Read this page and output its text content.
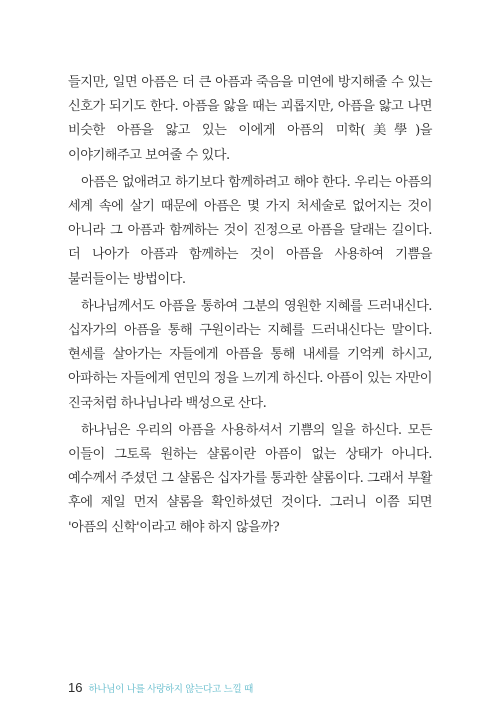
들지만, 일면 아픔은 더 큰 아픔과 죽음을 미연에 방지해줄 수 있는 신호가 되기도 한다. 아픔을 앓을 때는 괴롭지만, 아픔을 앓고 나면 비슷한 아픔을 앓고 있는 이에게 아픔의 미학(美學)을 이야기해주고 보여줄 수 있다.

아픔은 없애려고 하기보다 함께하려고 해야 한다. 우리는 아픔의 세계 속에 살기 때문에 아픔은 몇 가지 처세술로 없어지는 것이 아니라 그 아픔과 함께하는 것이 진정으로 아픔을 달래는 길이다. 더 나아가 아픔과 함께하는 것이 아픔을 사용하여 기쁨을 불러들이는 방법이다.

하나님께서도 아픔을 통하여 그분의 영원한 지혜를 드러내신다. 십자가의 아픔을 통해 구원이라는 지혜를 드러내신다는 말이다. 현세를 살아가는 자들에게 아픔을 통해 내세를 기억케 하시고, 아파하는 자들에게 연민의 정을 느끼게 하신다. 아픔이 있는 자만이 진국처럼 하나님나라 백성으로 산다.

하나님은 우리의 아픔을 사용하셔서 기쁨의 일을 하신다. 모든 이들이 그토록 원하는 샬롬이란 아픔이 없는 상태가 아니다. 예수께서 주셨던 그 샬롬은 십자가를 통과한 샬롬이다. 그래서 부활 후에 제일 먼저 샬롬을 확인하셨던 것이다. 그러니 이쯤 되면 '아픔의 신학'이라고 해야 하지 않을까?

16 하나님이 나를 사랑하지 않는다고 느낄 때
